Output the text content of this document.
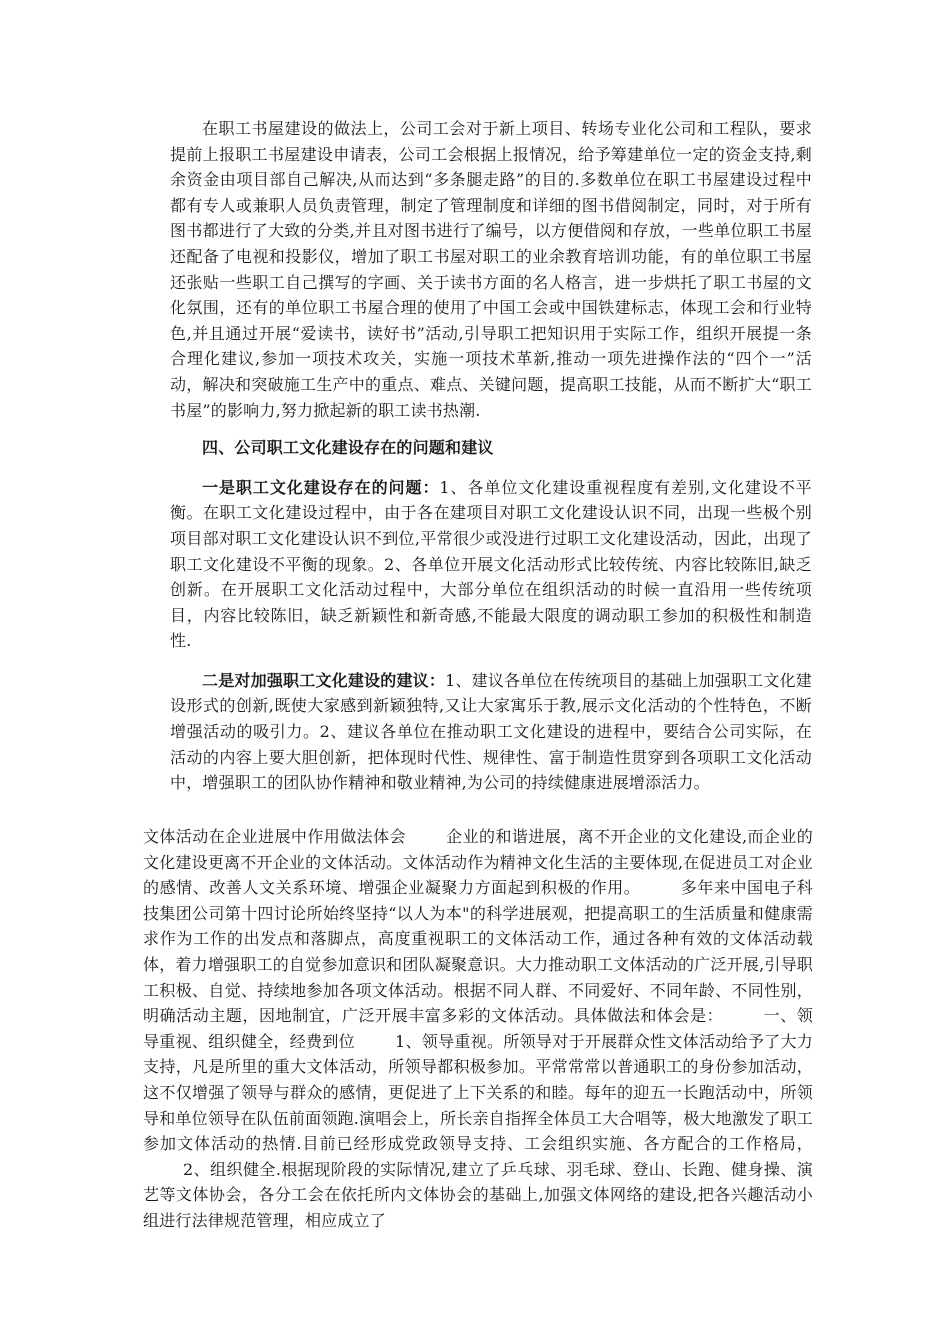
在职工书屋建设的做法上，公司工会对于新上项目、转场专业化公司和工程队，要求提前上报职工书屋建设申请表，公司工会根据上报情况，给予筹建单位一定的资金支持,剩余资金由项目部自己解决,从而达到“多条腿走路”的目的.多数单位在职工书屋建设过程中都有专人或兼职人员负责管理，制定了管理制度和详细的图书借阅制定，同时，对于所有图书都进行了大致的分类,并且对图书进行了编号，以方便借阅和存放，一些单位职工书屋还配备了电视和投影仪，增加了职工书屋对职工的业余教育培训功能，有的单位职工书屋还张贴一些职工自己撰写的字画、关于读书方面的名人格言，进一步烘托了职工书屋的文化氛围，还有的单位职工书屋合理的使用了中国工会或中国铁建标志，体现工会和行业特色,并且通过开展“爱读书，读好书”活动,引导职工把知识用于实际工作，组织开展提一条合理化建议,参加一项技术攻关，实施一项技术革新,推动一项先进操作法的“四个一”活动，解决和突破施工生产中的重点、难点、关键问题，提高职工技能，从而不断扩大“职工书屋”的影响力,努力掀起新的职工读书热潮.

四、公司职工文化建设存在的问题和建议

一是职工文化建设存在的问题：1、各单位文化建设重视程度有差别,文化建设不平衡。在职工文化建设过程中，由于各在建项目对职工文化建设认识不同，出现一些极个别项目部对职工文化建设认识不到位,平常很少或没进行过职工文化建设活动，因此，出现了职工文化建设不平衡的现象。2、各单位开展文化活动形式比较传统、内容比较陈旧,缺乏创新。在开展职工文化活动过程中，大部分单位在组织活动的时候一直沿用一些传统项目，内容比较陈旧，缺乏新颖性和新奇感,不能最大限度的调动职工参加的积极性和制造性.

二是对加强职工文化建设的建议：1、建议各单位在传统项目的基础上加强职工文化建设形式的创新,既使大家感到新颖独特,又让大家寓乐于教,展示文化活动的个性特色，不断增强活动的吸引力。2、建议各单位在推动职工文化建设的进程中，要结合公司实际，在活动的内容上要大胆创新，把体现时代性、规律性、富于制造性贯穿到各项职工文化活动中，增强职工的团队协作精神和敬业精神,为公司的持续健康进展增添活力。

文体活动在企业进展中作用做法体会	企业的和谐进展，离不开企业的文化建设,而企业的文化建设更离不开企业的文体活动。文体活动作为精神文化生活的主要体现,在促进员工对企业的感情、改善人文关系环境、增强企业凝聚力方面起到积极的作用。	多年来中国电子科技集团公司第十四讨论所始终坚持“以人为本"的科学进展观，把提高职工的生活质量和健康需求作为工作的出发点和落脚点，高度重视职工的文体活动工作，通过各种有效的文体活动载体，着力增强职工的自觉参加意识和团队凝聚意识。大力推动职工文体活动的广泛开展,引导职工积极、自觉、持续地参加各项文体活动。根据不同人群、不同爱好、不同年龄、不同性别，明确活动主题，因地制宜，广泛开展丰富多彩的文体活动。具体做法和体会是：	一、领导重视、组织健全，经费到位	1、领导重视。所领导对于开展群众性文体活动给予了大力支持，凡是所里的重大文体活动，所领导都积极参加。平常常常以普通职工的身份参加活动，这不仅增强了领导与群众的感情，更促进了上下关系的和睦。每年的迎五一长跑活动中，所领导和单位领导在队伍前面领跑.演唱会上，所长亲自指挥全体员工大合唱等，极大地激发了职工参加文体活动的热情.目前已经形成党政领导支持、工会组织实施、各方配合的工作格局，2、组织健全.根据现阶段的实际情况,建立了乒乓球、羽毛球、登山、长跑、健身操、演艺等文体协会，各分工会在依托所内文体协会的基础上,加强文体网络的建设,把各兴趣活动小组进行法律规范管理，相应成立了
